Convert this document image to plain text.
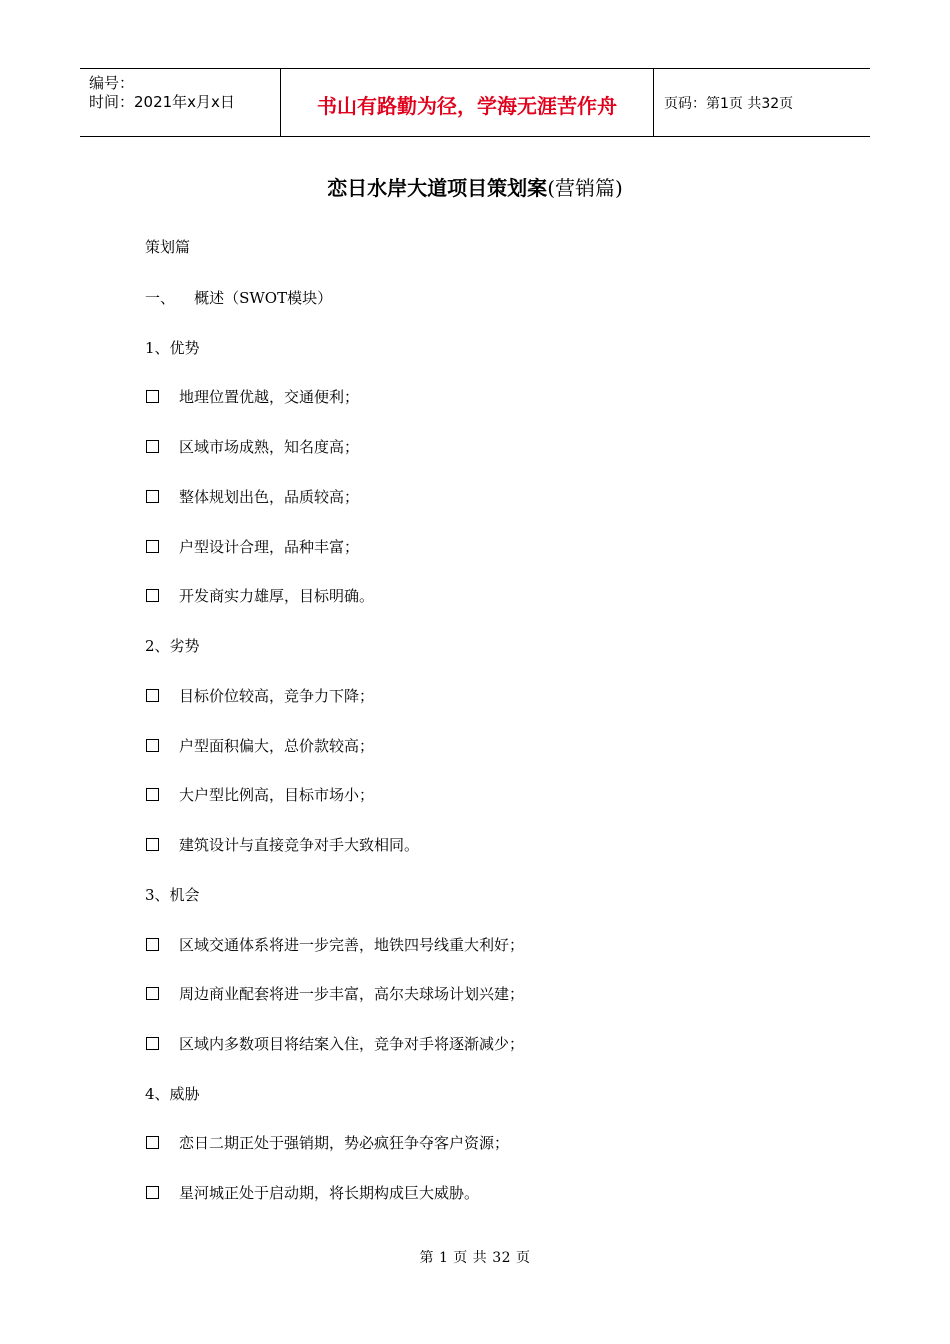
编号：
时间：2021年x月x日	书山有路勤为径，学海无涯苦作舟	页码：第1页 共32页
恋日水岸大道项目策划案(营销篇)
策划篇
一、    概述（SWOT模块）
1、优势
地理位置优越，交通便利；
区域市场成熟，知名度高；
整体规划出色，品质较高；
户型设计合理，品种丰富；
开发商实力雄厚，目标明确。
2、劣势
目标价位较高，竞争力下降；
户型面积偏大，总价款较高；
大户型比例高，目标市场小；
建筑设计与直接竞争对手大致相同。
3、机会
区域交通体系将进一步完善，地铁四号线重大利好；
周边商业配套将进一步丰富，高尔夫球场计划兴建；
区域内多数项目将结案入住，竞争对手将逐渐减少；
4、威胁
恋日二期正处于强销期，势必疯狂争夺客户资源；
星河城正处于启动期，将长期构成巨大威胁。
第 1 页 共 32 页
